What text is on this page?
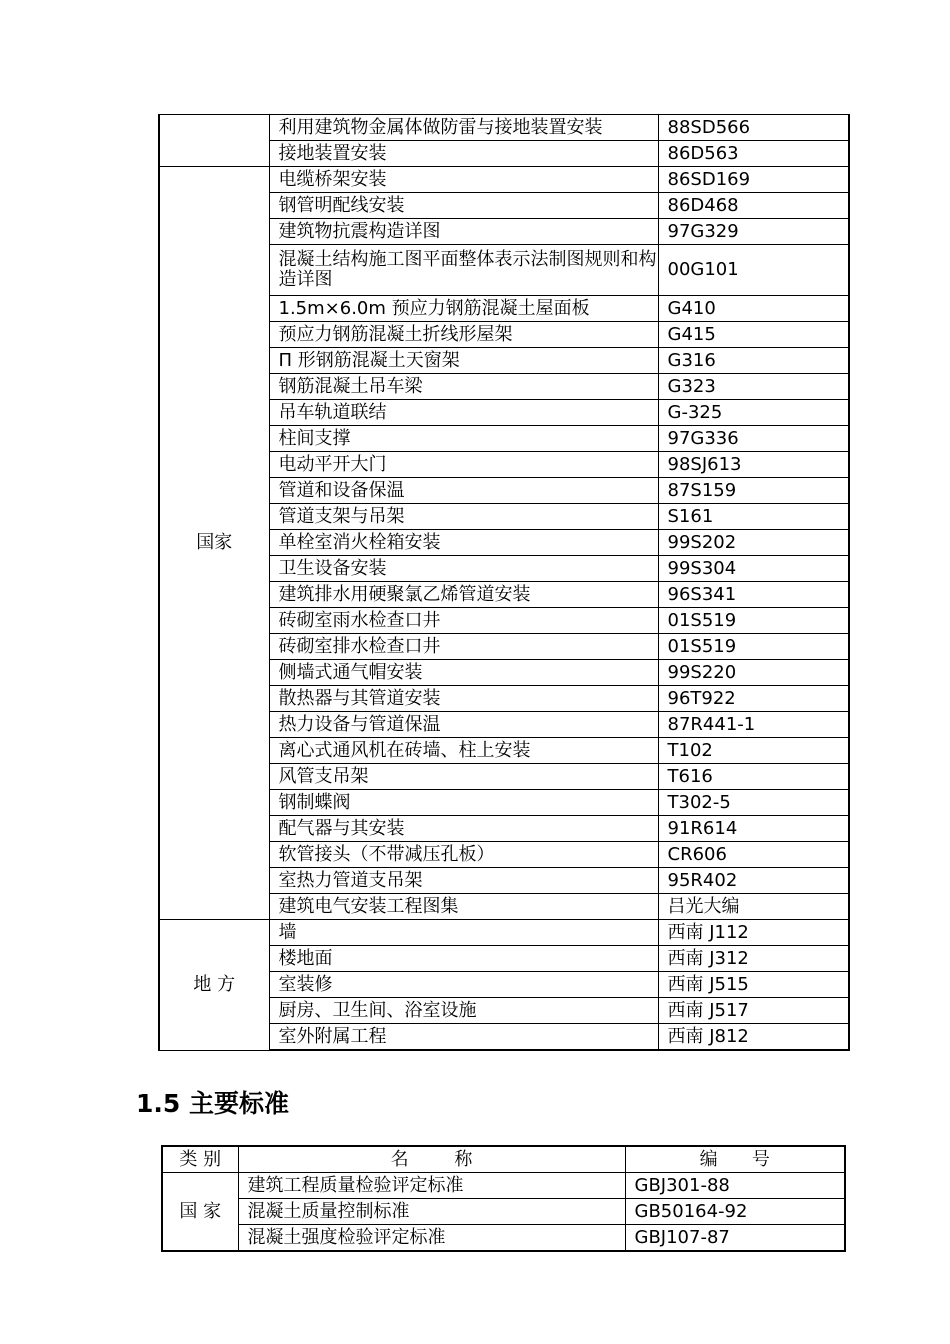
	利用建筑物金属体做防雷与接地装置安装	88SD566
	接地装置安装	86D563
国家	电缆桥架安装	86SD169
	钢管明配线安装	86D468
	建筑物抗震构造详图	97G329
	混凝土结构施工图平面整体表示法制图规则和构造详图	00G101
	1.5m×6.0m 预应力钢筋混凝土屋面板	G410
	预应力钢筋混凝土折线形屋架	G415
	Π 形钢筋混凝土天窗架	G316
	钢筋混凝土吊车梁	G323
	吊车轨道联结	G-325
	柱间支撑	97G336
	电动平开大门	98SJ613
	管道和设备保温	87S159
	管道支架与吊架	S161
	单栓室消火栓箱安装	99S202
	卫生设备安装	99S304
	建筑排水用硬聚氯乙烯管道安装	96S341
	砖砌室雨水检查口井	01S519
	砖砌室排水检查口井	01S519
	侧墙式通气帽安装	99S220
	散热器与其管道安装	96T922
	热力设备与管道保温	87R441-1
	离心式通风机在砖墙、柱上安装	T102
	风管支吊架	T616
	钢制蝶阀	T302-5
	配气器与其安装	91R614
	软管接头（不带减压孔板）	CR606
	室热力管道支吊架	95R402
	建筑电气安装工程图集	吕光大编
地 方	墙	西南 J112
	楼地面	西南 J312
	室装修	西南 J515
	厨房、卫生间、浴室设施	西南 J517
	室外附属工程	西南 J812
1.5 主要标准
类 别	名        称	编      号
国 家	建筑工程质量检验评定标准	GBJ301-88
	混凝土质量控制标准	GB50164-92
	混凝土强度检验评定标准	GBJ107-87
